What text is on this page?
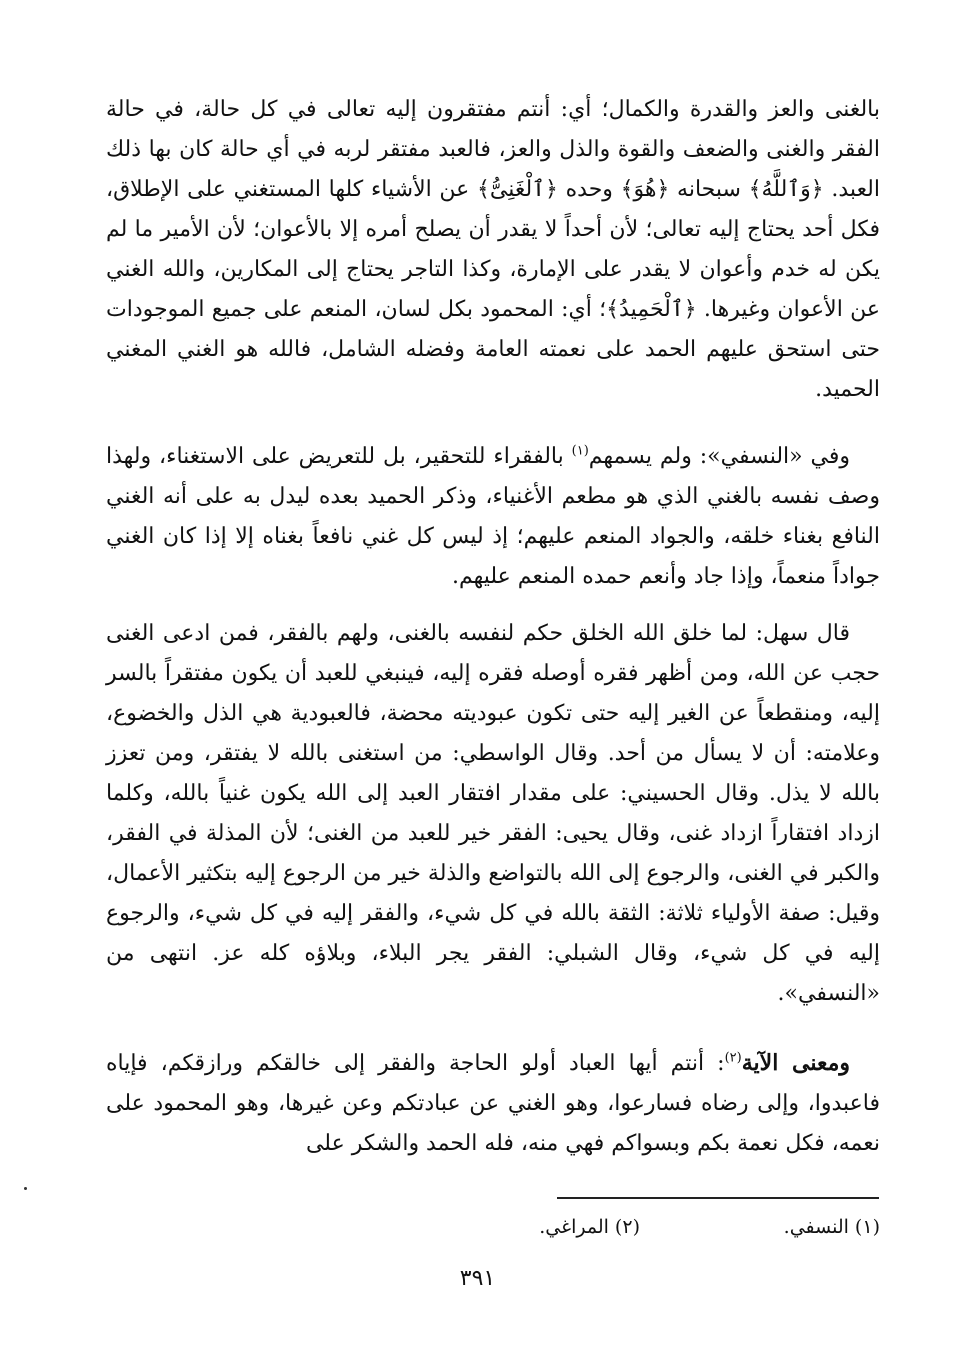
بالغنى والعز والقدرة والكمال؛ أي: أنتم مفتقرون إليه تعالى في كل حالة، في حالة الفقر والغنى والضعف والقوة والذل والعز، فالعبد مفتقر لربه في أي حالة كان بها ذلك العبد. ﴿وَٱللَّهُ﴾ سبحانه ﴿هُوَ﴾ وحده ﴿ٱلْغَنِىُّ﴾ عن الأشياء كلها المستغني على الإطلاق، فكل أحد يحتاج إليه تعالى؛ لأن أحداً لا يقدر أن يصلح أمره إلا بالأعوان؛ لأن الأمير ما لم يكن له خدم وأعوان لا يقدر على الإمارة، وكذا التاجر يحتاج إلى المكارين، والله الغني عن الأعوان وغيرها. ﴿ٱلْحَمِيدُ﴾؛ أي: المحمود بكل لسان، المنعم على جميع الموجودات حتى استحق عليهم الحمد على نعمته العامة وفضله الشامل، فالله هو الغني المغني الحميد.

وفي «النسفي»: ولم يسمهم$^{(١)}$ بالفقراء للتحقير، بل للتعريض على الاستغناء، ولهذا وصف نفسه بالغني الذي هو مطعم الأغنياء، وذكر الحميد بعده ليدل به على أنه الغني النافع بغناء خلقه، والجواد المنعم عليهم؛ إذ ليس كل غني نافعاً بغناه إلا إذا كان الغني جواداً منعماً، وإذا جاد وأنعم حمده المنعم عليهم.

قال سهل: لما خلق الله الخلق حكم لنفسه بالغنى، ولهم بالفقر، فمن ادعى الغنى حجب عن الله، ومن أظهر فقره أوصله فقره إليه، فينبغي للعبد أن يكون مفتقراً بالسر إليه، ومنقطعاً عن الغير إليه حتى تكون عبوديته محضة، فالعبودية هي الذل والخضوع، وعلامته: أن لا يسأل من أحد. وقال الواسطي: من استغنى بالله لا يفتقر، ومن تعزز بالله لا يذل. وقال الحسيني: على مقدار افتقار العبد إلى الله يكون غنياً بالله، وكلما ازداد افتقاراً ازداد غنى، وقال يحيى: الفقر خير للعبد من الغنى؛ لأن المذلة في الفقر، والكبر في الغنى، والرجوع إلى الله بالتواضع والذلة خير من الرجوع إليه بتكثير الأعمال، وقيل: صفة الأولياء ثلاثة: الثقة بالله في كل شيء، والفقر إليه في كل شيء، والرجوع إليه في كل شيء، وقال الشبلي: الفقر يجر البلاء، وبلاؤه كله عز. انتهى من «النسفي».

ومعنى الآية$^{(٢)}$: أنتم أيها العباد أولو الحاجة والفقر إلى خالقكم ورازقكم، فإياه فاعبدوا، وإلى رضاه فسارعوا، وهو الغني عن عبادتكم وعن غيرها، وهو المحمود على نعمه، فكل نعمة بكم وبسواكم فهي منه، فله الحمد والشكر على

(١) النسفي.
(٢) المراغي.
٣٩١
